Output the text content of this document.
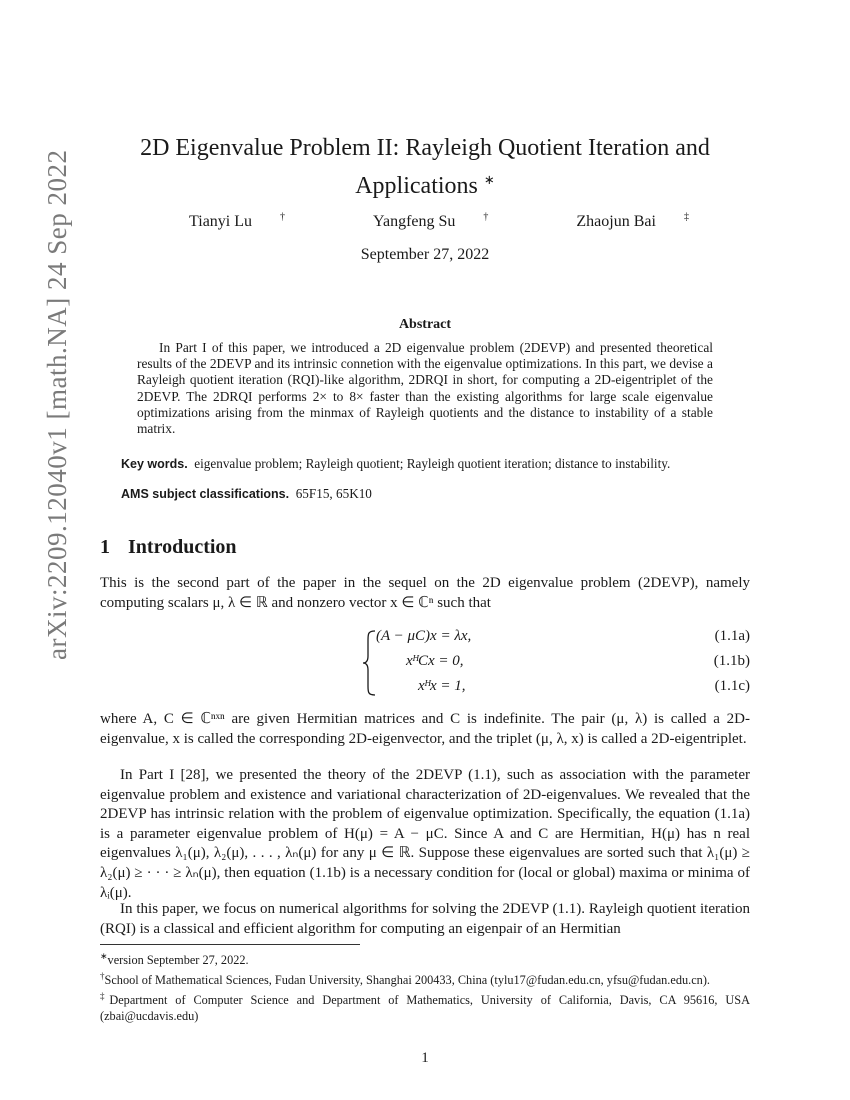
arXiv:2209.12040v1 [math.NA] 24 Sep 2022
2D Eigenvalue Problem II: Rayleigh Quotient Iteration and
Applications ∗
Tianyi Lu	†	Yangfeng Su	†	Zhaojun Bai	‡
September 27, 2022
Abstract
In Part I of this paper, we introduced a 2D eigenvalue problem (2DEVP) and presented theoretical results of the 2DEVP and its intrinsic connetion with the eigenvalue optimizations. In this part, we devise a Rayleigh quotient iteration (RQI)-like algorithm, 2DRQI in short, for computing a 2D-eigentriplet of the 2DEVP. The 2DRQI performs 2× to 8× faster than the existing algorithms for large scale eigenvalue optimizations arising from the minmax of Rayleigh quotients and the distance to instability of a stable matrix.
Key words. eigenvalue problem; Rayleigh quotient; Rayleigh quotient iteration; distance to instability.
AMS subject classifications. 65F15, 65K10
1 Introduction
This is the second part of the paper in the sequel on the 2D eigenvalue problem (2DEVP), namely computing scalars μ, λ ∈ ℝ and nonzero vector x ∈ ℂⁿ such that
(A − μC)x = λx,	(1.1a)
xᴴCx = 0,	(1.1b)
xᴴx = 1,	(1.1c)
where A, C ∈ ℂⁿˣⁿ are given Hermitian matrices and C is indefinite. The pair (μ, λ) is called a 2D-eigenvalue, x is called the corresponding 2D-eigenvector, and the triplet (μ, λ, x) is called a 2D-eigentriplet.
In Part I [28], we presented the theory of the 2DEVP (1.1), such as association with the parameter eigenvalue problem and existence and variational characterization of 2D-eigenvalues. We revealed that the 2DEVP has intrinsic relation with the problem of eigenvalue optimization. Specifically, the equation (1.1a) is a parameter eigenvalue problem of H(μ) = A − μC. Since A and C are Hermitian, H(μ) has n real eigenvalues λ₁(μ), λ₂(μ), . . . , λₙ(μ) for any μ ∈ ℝ. Suppose these eigenvalues are sorted such that λ₁(μ) ≥ λ₂(μ) ≥ · · · ≥ λₙ(μ), then equation (1.1b) is a necessary condition for (local or global) maxima or minima of λᵢ(μ).
In this paper, we focus on numerical algorithms for solving the 2DEVP (1.1). Rayleigh quotient iteration (RQI) is a classical and efficient algorithm for computing an eigenpair of an Hermitian

∗version September 27, 2022.

†School of Mathematical Sciences, Fudan University, Shanghai 200433, China (tylu17@fudan.edu.cn, yfsu@fudan.edu.cn).

‡Department of Computer Science and Department of Mathematics, University of California, Davis, CA 95616, USA (zbai@ucdavis.edu)

1
